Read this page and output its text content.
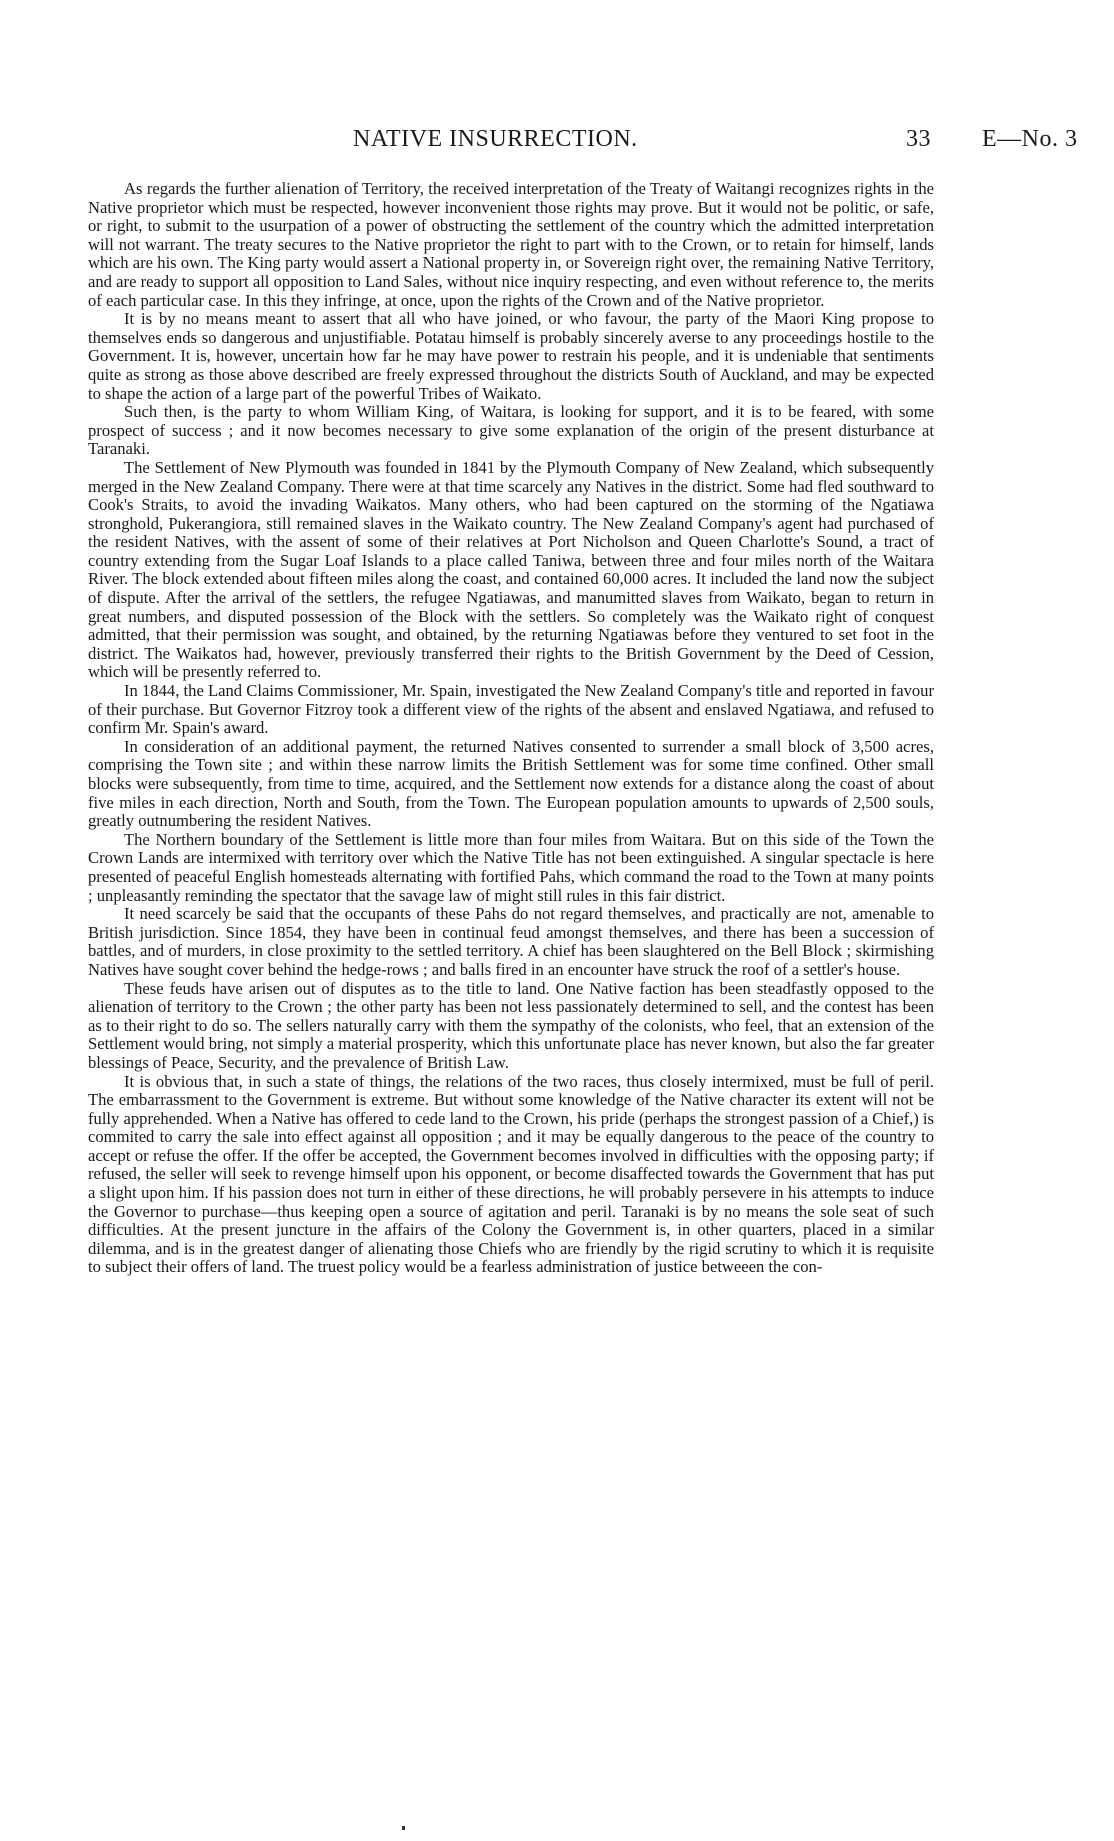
NATIVE INSURRECTION.	33 E—No. 3

As regards the further alienation of Territory, the received interpretation of the Treaty of Waitangi recognizes rights in the Native proprietor which must be respected, however inconvenient those rights may prove. But it would not be politic, or safe, or right, to submit to the usurpation of a power of obstructing the settlement of the country which the admitted interpretation will not warrant. The treaty secures to the Native proprietor the right to part with to the Crown, or to retain for himself, lands which are his own. The King party would assert a National property in, or Sovereign right over, the remaining Native Territory, and are ready to support all opposition to Land Sales, without nice inquiry respecting, and even without reference to, the merits of each particular case. In this they infringe, at once, upon the rights of the Crown and of the Native proprietor.

It is by no means meant to assert that all who have joined, or who favour, the party of the Maori King propose to themselves ends so dangerous and unjustifiable. Potatau himself is probably sincerely averse to any proceedings hostile to the Government. It is, however, uncertain how far he may have power to restrain his people, and it is undeniable that sentiments quite as strong as those above described are freely expressed throughout the districts South of Auckland, and may be expected to shape the action of a large part of the powerful Tribes of Waikato.

Such then, is the party to whom William King, of Waitara, is looking for support, and it is to be feared, with some prospect of success ; and it now becomes necessary to give some explanation of the origin of the present disturbance at Taranaki.

The Settlement of New Plymouth was founded in 1841 by the Plymouth Company of New Zealand, which subsequently merged in the New Zealand Company. There were at that time scarcely any Natives in the district. Some had fled southward to Cook's Straits, to avoid the invading Waikatos. Many others, who had been captured on the storming of the Ngatiawa stronghold, Pukerangiora, still remained slaves in the Waikato country. The New Zealand Company's agent had purchased of the resident Natives, with the assent of some of their relatives at Port Nicholson and Queen Charlotte's Sound, a tract of country extending from the Sugar Loaf Islands to a place called Taniwa, between three and four miles north of the Waitara River. The block extended about fifteen miles along the coast, and contained 60,000 acres. It included the land now the subject of dispute. After the arrival of the settlers, the refugee Ngatiawas, and manumitted slaves from Waikato, began to return in great numbers, and disputed possession of the Block with the settlers. So completely was the Waikato right of conquest admitted, that their permission was sought, and obtained, by the returning Ngatiawas before they ventured to set foot in the district. The Waikatos had, however, previously transferred their rights to the British Government by the Deed of Cession, which will be presently referred to.

In 1844, the Land Claims Commissioner, Mr. Spain, investigated the New Zealand Company's title and reported in favour of their purchase. But Governor Fitzroy took a different view of the rights of the absent and enslaved Ngatiawa, and refused to confirm Mr. Spain's award.

In consideration of an additional payment, the returned Natives consented to surrender a small block of 3,500 acres, comprising the Town site ; and within these narrow limits the British Settlement was for some time confined. Other small blocks were subsequently, from time to time, acquired, and the Settlement now extends for a distance along the coast of about five miles in each direction, North and South, from the Town. The European population amounts to upwards of 2,500 souls, greatly outnumbering the resident Natives.

The Northern boundary of the Settlement is little more than four miles from Waitara. But on this side of the Town the Crown Lands are intermixed with territory over which the Native Title has not been extinguished. A singular spectacle is here presented of peaceful English homesteads alternating with fortified Pahs, which command the road to the Town at many points ; unpleasantly reminding the spectator that the savage law of might still rules in this fair district.

It need scarcely be said that the occupants of these Pahs do not regard themselves, and practically are not, amenable to British jurisdiction. Since 1854, they have been in continual feud amongst themselves, and there has been a succession of battles, and of murders, in close proximity to the settled territory. A chief has been slaughtered on the Bell Block ; skirmishing Natives have sought cover behind the hedge-rows ; and balls fired in an encounter have struck the roof of a settler's house.

These feuds have arisen out of disputes as to the title to land. One Native faction has been steadfastly opposed to the alienation of territory to the Crown ; the other party has been not less passionately determined to sell, and the contest has been as to their right to do so. The sellers naturally carry with them the sympathy of the colonists, who feel, that an extension of the Settlement would bring, not simply a material prosperity, which this unfortunate place has never known, but also the far greater blessings of Peace, Security, and the prevalence of British Law.

It is obvious that, in such a state of things, the relations of the two races, thus closely intermixed, must be full of peril. The embarrassment to the Government is extreme. But without some knowledge of the Native character its extent will not be fully apprehended. When a Native has offered to cede land to the Crown, his pride (perhaps the strongest passion of a Chief,) is commited to carry the sale into effect against all opposition ; and it may be equally dangerous to the peace of the country to accept or refuse the offer. If the offer be accepted, the Government becomes involved in difficulties with the opposing party; if refused, the seller will seek to revenge himself upon his opponent, or become disaffected towards the Government that has put a slight upon him. If his passion does not turn in either of these directions, he will probably persevere in his attempts to induce the Governor to purchase—thus keeping open a source of agitation and peril. Taranaki is by no means the sole seat of such difficulties. At the present juncture in the affairs of the Colony the Government is, in other quarters, placed in a similar dilemma, and is in the greatest danger of alienating those Chiefs who are friendly by the rigid scrutiny to which it is requisite to subject their offers of land. The truest policy would be a fearless administration of justice betweeen the con-
